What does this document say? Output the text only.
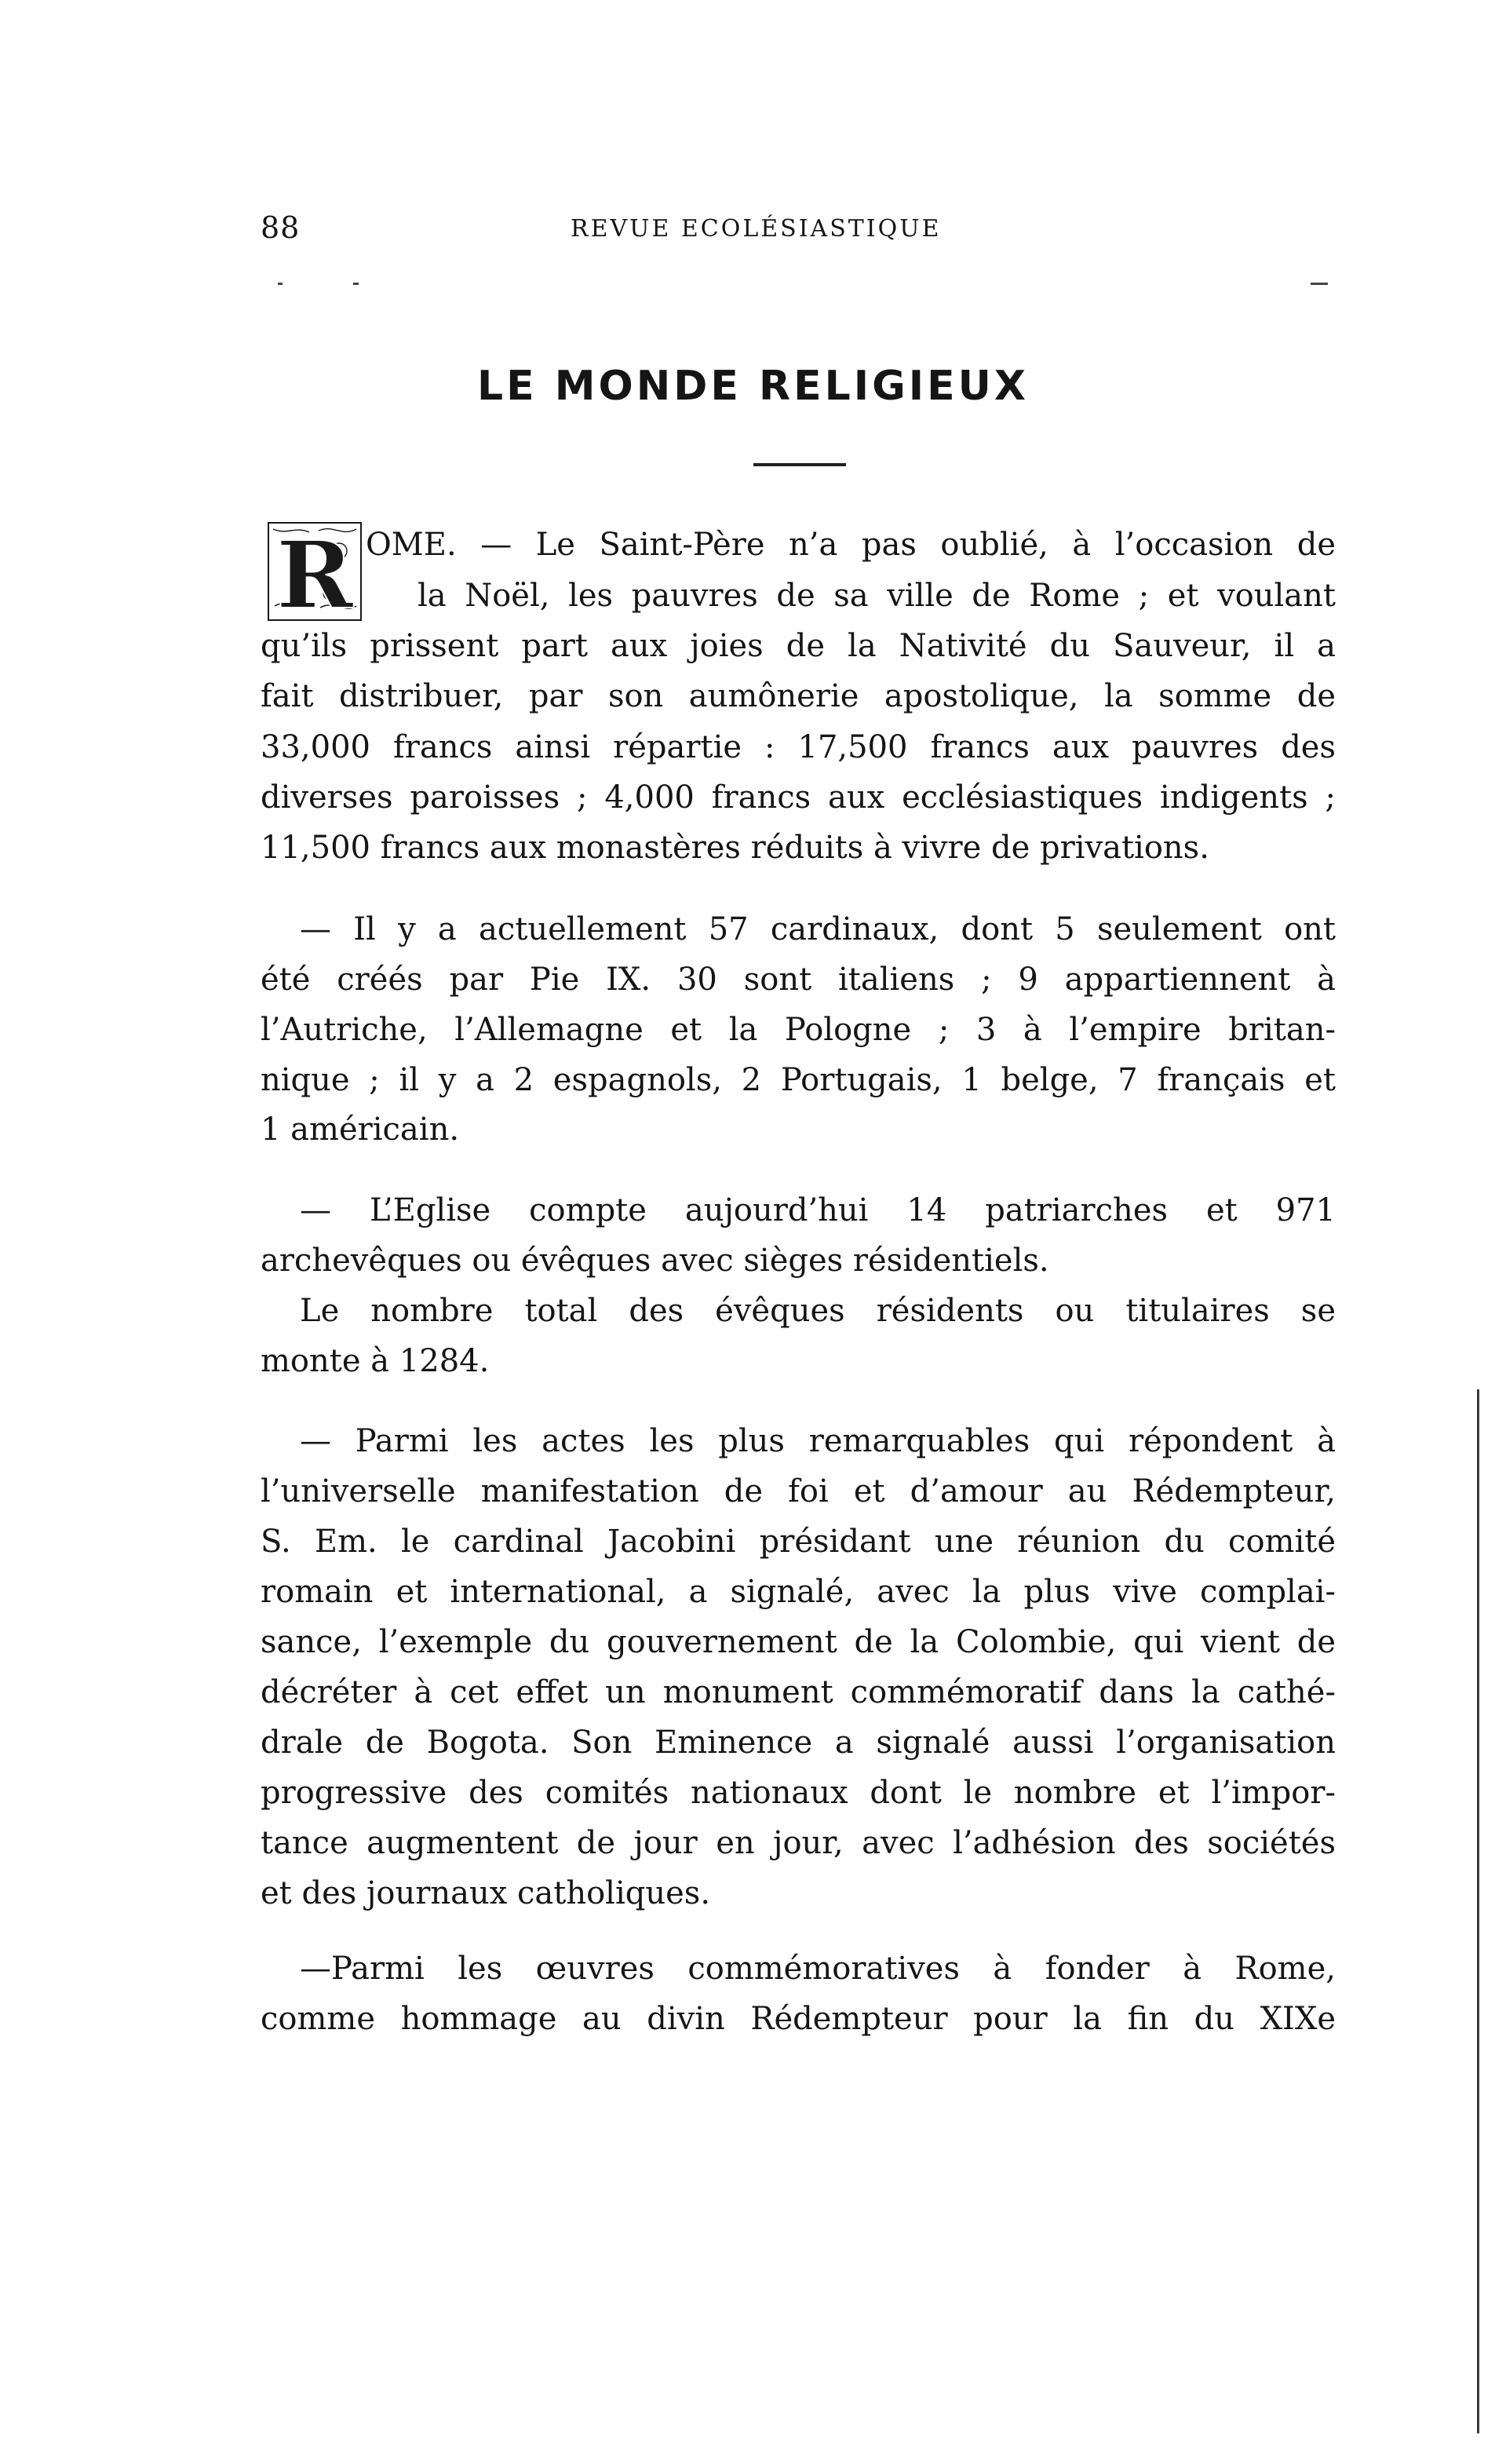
88	REVUE ECOLÉSIASTIQUE
LE MONDE RELIGIEUX
R OME. — Le Saint-Père n’a pas oublié, à l’occasion de
la Noël, les pauvres de sa ville de Rome ; et voulant
qu’ils prissent part aux joies de la Nativité du Sauveur, il a
fait distribuer, par son aumônerie apostolique, la somme de
33,000 francs ainsi répartie : 17,500 francs aux pauvres des
diverses paroisses ; 4,000 francs aux ecclésiastiques indigents ;
11,500 francs aux monastères réduits à vivre de privations.
— Il y a actuellement 57 cardinaux, dont 5 seulement ont
été créés par Pie IX. 30 sont italiens ; 9 appartiennent à
l’Autriche, l’Allemagne et la Pologne ; 3 à l’empire britan-
nique ; il y a 2 espagnols, 2 Portugais, 1 belge, 7 français et
1 américain.
— L’Eglise compte aujourd’hui 14 patriarches et 971
archevêques ou évêques avec sièges résidentiels.
Le nombre total des évêques résidents ou titulaires se
monte à 1284.
— Parmi les actes les plus remarquables qui répondent à
l’universelle manifestation de foi et d’amour au Rédempteur,
S. Em. le cardinal Jacobini présidant une réunion du comité
romain et international, a signalé, avec la plus vive complai-
sance, l’exemple du gouvernement de la Colombie, qui vient de
décréter à cet effet un monument commémoratif dans la cathé-
drale de Bogota. Son Eminence a signalé aussi l’organisation
progressive des comités nationaux dont le nombre et l’impor-
tance augmentent de jour en jour, avec l’adhésion des sociétés
et des journaux catholiques.
—Parmi les œuvres commémoratives à fonder à Rome,
comme hommage au divin Rédempteur pour la fin du XIXe
